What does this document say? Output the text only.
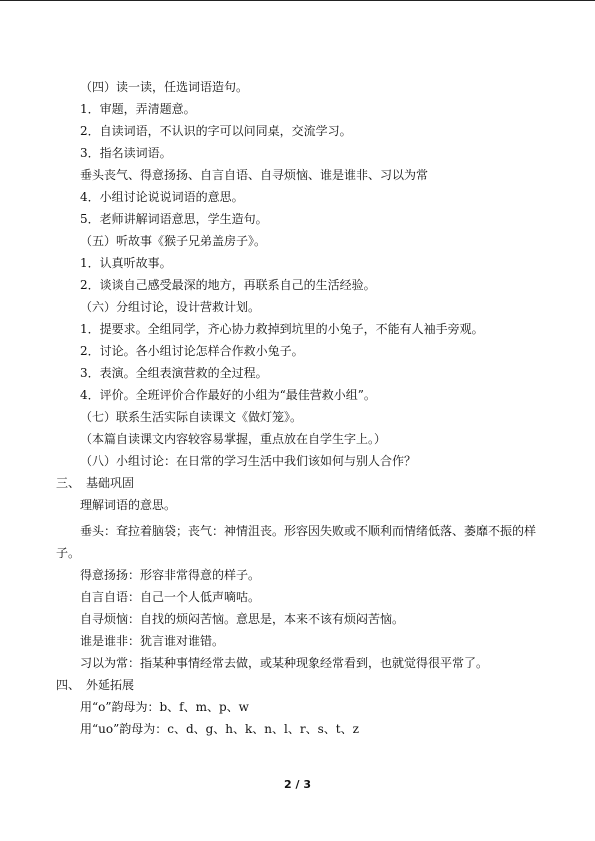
（四）读一读，任选词语造句。
1．审题，弄清题意。
2．自读词语，不认识的字可以问同桌，交流学习。
3．指名读词语。
垂头丧气、得意扬扬、自言自语、自寻烦恼、谁是谁非、习以为常
4．小组讨论说说词语的意思。
5．老师讲解词语意思，学生造句。
（五）听故事《猴子兄弟盖房子》。
1．认真听故事。
2．谈谈自己感受最深的地方，再联系自己的生活经验。
（六）分组讨论，设计营救计划。
1．提要求。全组同学，齐心协力救掉到坑里的小兔子，不能有人袖手旁观。
2．讨论。各小组讨论怎样合作救小兔子。
3．表演。全组表演营救的全过程。
4．评价。全班评价合作最好的小组为“最佳营救小组”。
（七）联系生活实际自读课文《做灯笼》。
（本篇自读课文内容较容易掌握，重点放在自学生字上。）
（八）小组讨论：在日常的学习生活中我们该如何与别人合作？
三、　基础巩固
理解词语的意思。
垂头：耷拉着脑袋；丧气：神情沮丧。形容因失败或不顺利而情绪低落、萎靡不振的样子。
得意扬扬：形容非常得意的样子。
自言自语：自己一个人低声嘀咕。
自寻烦恼：自找的烦闷苦恼。意思是，本来不该有烦闷苦恼。
谁是谁非：犹言谁对谁错。
习以为常：指某种事情经常去做，或某种现象经常看到，也就觉得很平常了。
四、　外延拓展
用“o”韵母为：b、f、m、p、w
用“uo”韵母为：c、d、g、h、k、n、l、r、s、t、z
2 / 3
